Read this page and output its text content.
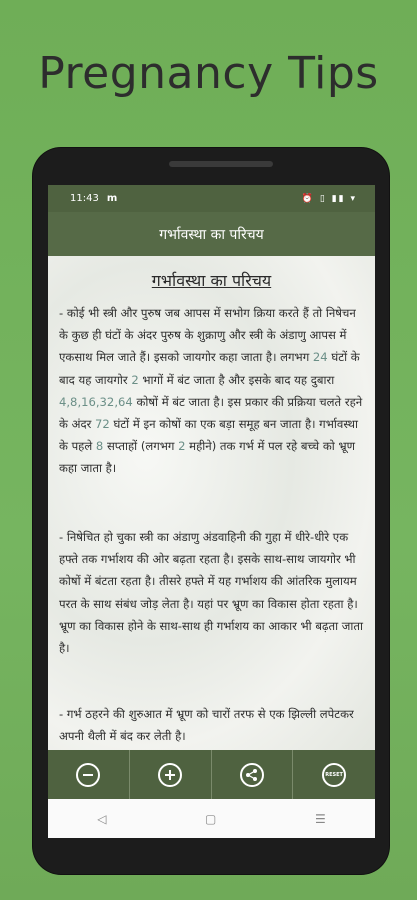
Pregnancy Tips
11:43 m	⏰ ▯ ▮▮ ▾
गर्भावस्था का परिचय
गर्भावस्था का परिचय

- कोई भी स्त्री और पुरुष जब आपस में सभोग क्रिया करते हैं तो निषेचन के कुछ ही घंटों के अंदर पुरुष के शुक्राणु और स्त्री के अंडाणु आपस में एकसाथ मिल जाते हैं। इसको जायगोर कहा जाता है। लगभग 24 घंटों के बाद यह जायगोर 2 भागों में बंट जाता है और इसके बाद यह दुबारा 4,8,16,32,64 कोषों में बंट जाता है। इस प्रकार की प्रक्रिया चलते रहने के अंदर 72 घंटों में इन कोषों का एक बड़ा समूह बन जाता है। गर्भावस्था के पहले 8 सप्ताहों (लगभग 2 महीने) तक गर्भ में पल रहे बच्चे को भ्रूण कहा जाता है।

- निषेचित हो चुका स्त्री का अंडाणु अंडवाहिनी की गुहा में धीरे-धीरे एक हफ्ते तक गर्भाशय की ओर बढ़ता रहता है। इसके साथ-साथ जायगोर भी कोषों में बंटता रहता है। तीसरे हफ्ते में यह गर्भाशय की आंतरिक मुलायम परत के साथ संबंध जोड़ लेता है। यहां पर भ्रूण का विकास होता रहता है। भ्रूण का विकास होने के साथ-साथ ही गर्भाशय का आकार भी बढ़ता जाता है।

- गर्भ ठहरने की शुरुआत में भ्रूण को चारों तरफ से एक झिल्ली लपेटकर अपनी थैली में बंद कर लेती है।

RESET
◁	▢	☰
